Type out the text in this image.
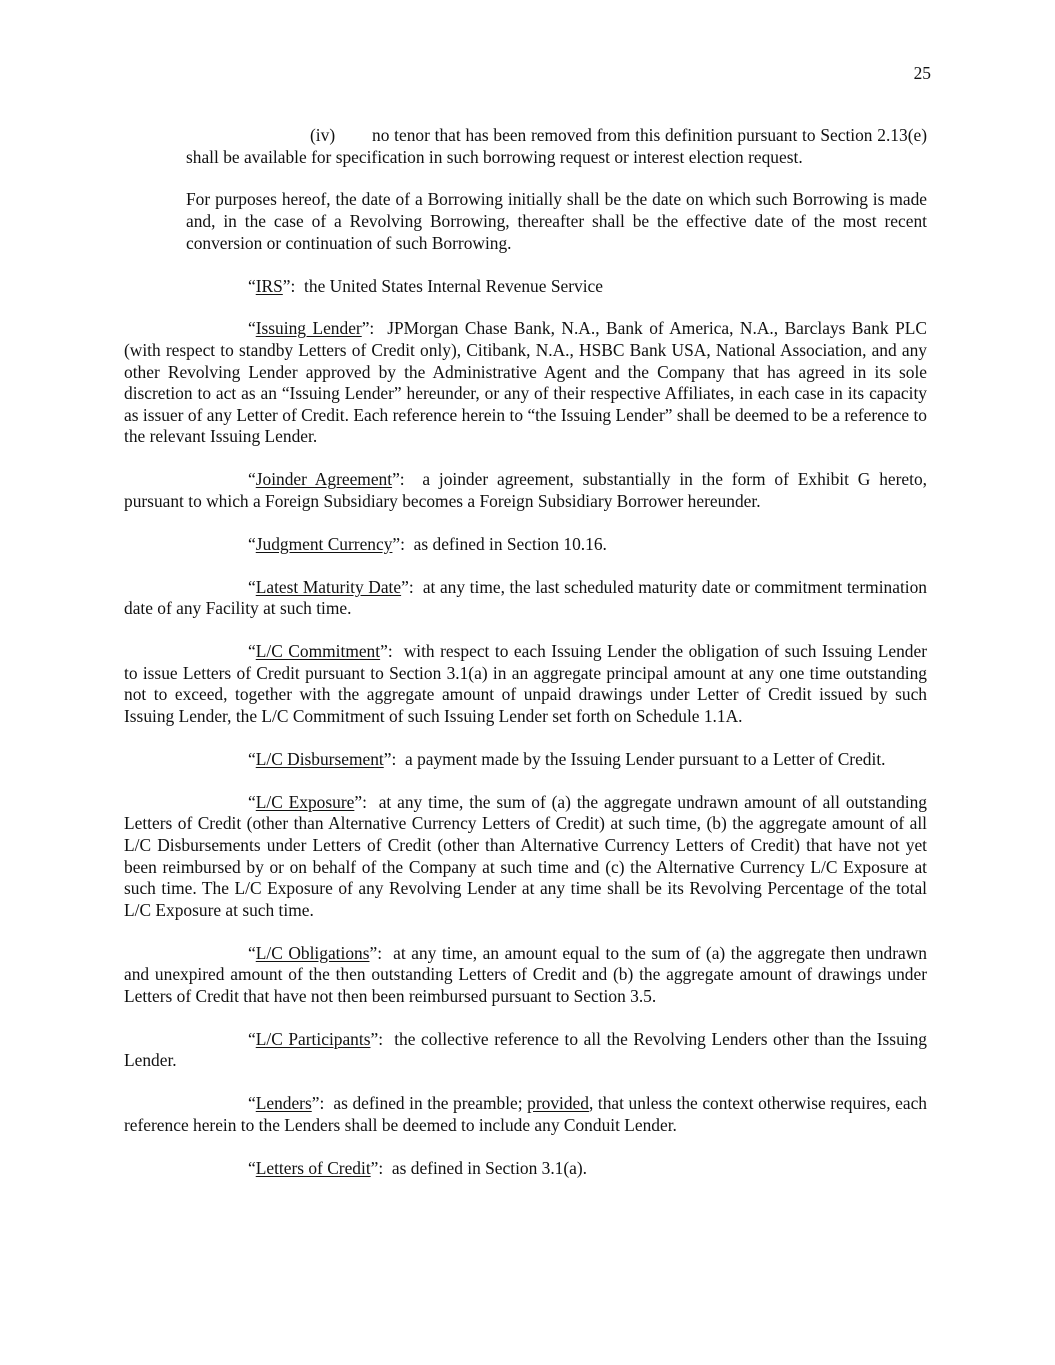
25

(iv) no tenor that has been removed from this definition pursuant to Section 2.13(e) shall be available for specification in such borrowing request or interest election request.

For purposes hereof, the date of a Borrowing initially shall be the date on which such Borrowing is made and, in the case of a Revolving Borrowing, thereafter shall be the effective date of the most recent conversion or continuation of such Borrowing.

“IRS”:  the United States Internal Revenue Service

“Issuing Lender”:  JPMorgan Chase Bank, N.A., Bank of America, N.A., Barclays Bank PLC (with respect to standby Letters of Credit only), Citibank, N.A., HSBC Bank USA, National Association, and any other Revolving Lender approved by the Administrative Agent and the Company that has agreed in its sole discretion to act as an “Issuing Lender” hereunder, or any of their respective Affiliates, in each case in its capacity as issuer of any Letter of Credit. Each reference herein to “the Issuing Lender” shall be deemed to be a reference to the relevant Issuing Lender.

“Joinder Agreement”:  a joinder agreement, substantially in the form of Exhibit G hereto, pursuant to which a Foreign Subsidiary becomes a Foreign Subsidiary Borrower hereunder.

“Judgment Currency”:  as defined in Section 10.16.

“Latest Maturity Date”:  at any time, the last scheduled maturity date or commitment termination date of any Facility at such time.

“L/C Commitment”:  with respect to each Issuing Lender the obligation of such Issuing Lender to issue Letters of Credit pursuant to Section 3.1(a) in an aggregate principal amount at any one time outstanding not to exceed, together with the aggregate amount of unpaid drawings under Letter of Credit issued by such Issuing Lender, the L/C Commitment of such Issuing Lender set forth on Schedule 1.1A.

“L/C Disbursement”:  a payment made by the Issuing Lender pursuant to a Letter of Credit.

“L/C Exposure”:  at any time, the sum of (a) the aggregate undrawn amount of all outstanding Letters of Credit (other than Alternative Currency Letters of Credit) at such time, (b) the aggregate amount of all L/C Disbursements under Letters of Credit (other than Alternative Currency Letters of Credit) that have not yet been reimbursed by or on behalf of the Company at such time and (c) the Alternative Currency L/C Exposure at such time. The L/C Exposure of any Revolving Lender at any time shall be its Revolving Percentage of the total L/C Exposure at such time.

“L/C Obligations”:  at any time, an amount equal to the sum of (a) the aggregate then undrawn and unexpired amount of the then outstanding Letters of Credit and (b) the aggregate amount of drawings under Letters of Credit that have not then been reimbursed pursuant to Section 3.5.

“L/C Participants”:  the collective reference to all the Revolving Lenders other than the Issuing Lender.

“Lenders”:  as defined in the preamble; provided, that unless the context otherwise requires, each reference herein to the Lenders shall be deemed to include any Conduit Lender.

“Letters of Credit”:  as defined in Section 3.1(a).
